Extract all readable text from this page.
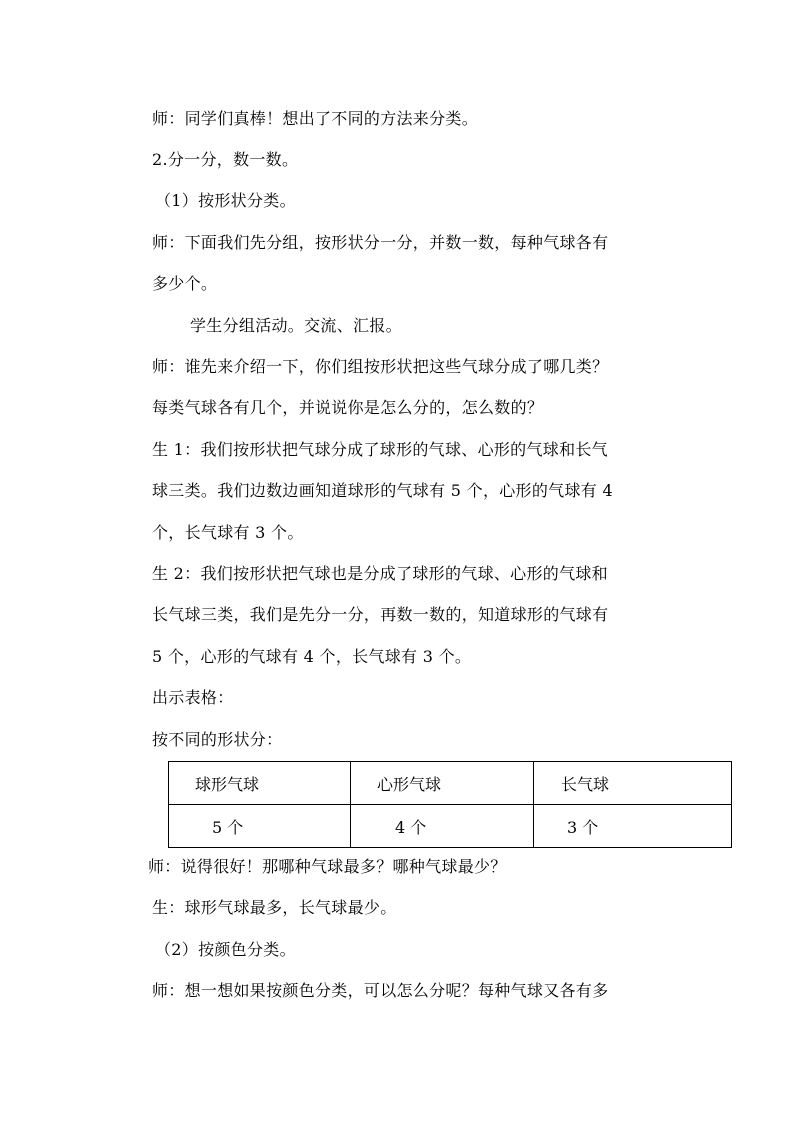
师：同学们真棒！想出了不同的方法来分类。
2.分一分，数一数。
（1）按形状分类。
师：下面我们先分组，按形状分一分，并数一数，每种气球各有
多少个。
学生分组活动。交流、汇报。
师：谁先来介绍一下，你们组按形状把这些气球分成了哪几类？
每类气球各有几个，并说说你是怎么分的，怎么数的？
生 1：我们按形状把气球分成了球形的气球、心形的气球和长气
球三类。我们边数边画知道球形的气球有 5 个，心形的气球有 4
个，长气球有 3 个。
生 2：我们按形状把气球也是分成了球形的气球、心形的气球和
长气球三类，我们是先分一分，再数一数的，知道球形的气球有
5 个，心形的气球有 4 个，长气球有 3 个。
出示表格：
按不同的形状分：
球形气球	心形气球	长气球
5 个	4 个	3 个
师：说得很好！那哪种气球最多？哪种气球最少？
生：球形气球最多，长气球最少。
（2）按颜色分类。
师：想一想如果按颜色分类，可以怎么分呢？每种气球又各有多
